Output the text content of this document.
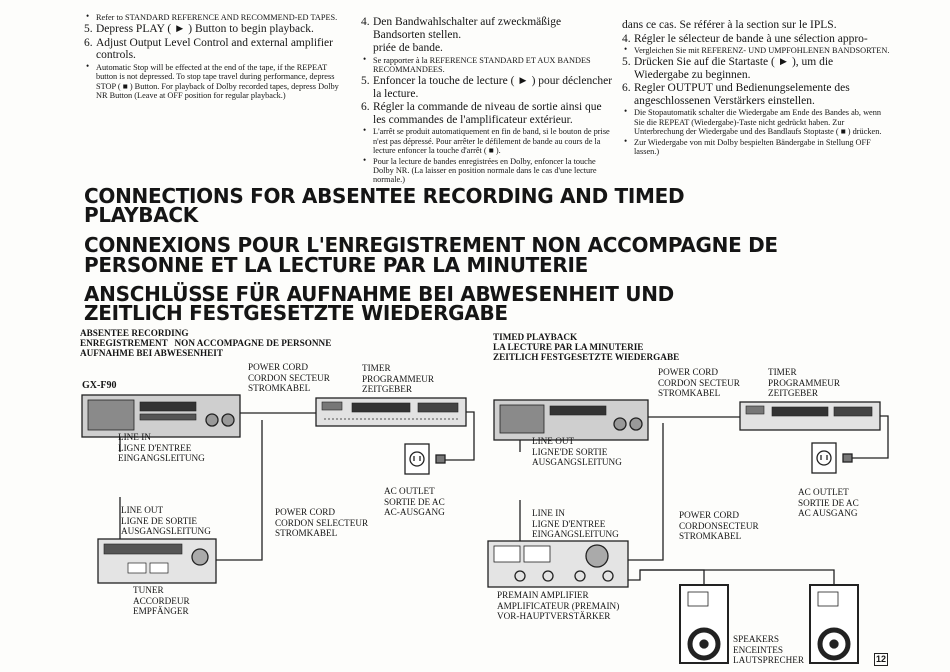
• Refer to STANDARD REFERENCE AND RECOMMEND-ED TAPES.

5. Depress PLAY ( ► ) Button to begin playback.

6. Adjust Output Level Control and external amplifier controls.

• Automatic Stop will be effected at the end of the tape, if the REPEAT button is not depressed. To stop tape travel during performance, depress STOP ( ■ ) Button. For playback of Dolby recorded tapes, depress Dolby NR Button (Leave at OFF position for regular playback.)

4. Den Bandwahlschalter auf zweckmäßige Bandsorten stellen.

priée de bande.

• Se rapporter à la REFERENCE STANDARD ET AUX BANDES RECOMMANDEES.

5. Enfoncer la touche de lecture ( ► ) pour déclencher la lecture.

6. Régler la commande de niveau de sortie ainsi que les commandes de l'amplificateur extérieur.

• L'arrêt se produit automatiquement en fin de band, si le bouton de prise n'est pas dépressé. Pour arrêter le défilement de bande au cours de la lecture enfoncer la touche d'arrêt ( ■ ).

• Pour la lecture de bandes enregistrées en Dolby, enfoncer la touche Dolby NR. (La laisser en position normale dans le cas d'une lecture normale.)

dans ce cas. Se référer à la section sur le IPLS.

4. Régler le sélecteur de bande à une sélection appro-

• Vergleichen Sie mit REFERENZ- UND UMPFOHLENEN BANDSORTEN.

5. Drücken Sie auf die Startaste ( ► ), um die Wiedergabe zu beginnen.

6. Regler OUTPUT und Bedienungselemente des angeschlossenen Verstärkers einstellen.

• Die Stopautomatik schalter die Wiedergabe am Ende des Bandes ab, wenn Sie die REPEAT (Wiedergabe)-Taste nicht gedrückt haben. Zur Unterbrechung der Wiedergabe und des Bandlaufs Stoptaste ( ■ ) drücken.

• Zur Wiedergabe von mit Dolby bespielten Bändergabe in Stellung OFF lassen.)

CONNECTIONS FOR ABSENTEE RECORDING AND TIMED
PLAYBACK
CONNEXIONS POUR L'ENREGISTREMENT NON ACCOMPAGNE DE
PERSONNE ET LA LECTURE PAR LA MINUTERIE
ANSCHLÜSSE FÜR AUFNAHME BEI ABWESENHEIT UND
ZEITLICH FESTGESETZTE WIEDERGABE
ABSENTEE RECORDING
ENREGISTREMENT   NON ACCOMPAGNE DE PERSONNE
AUFNAHME BEI ABWESENHEIT
GX-F90
POWER CORD
CORDON SECTEUR
STROMKABEL
TIMER
PROGRAMMEUR
ZEITGEBER
LINE IN
LIGNE D'ENTREE
EINGANGSLEITUNG
LINE OUT
LIGNE DE SORTIE
AUSGANGSLEITUNG
POWER CORD
CORDON SELECTEUR
STROMKABEL
AC OUTLET
SORTIE DE AC
AC-AUSGANG
TUNER
ACCORDEUR
EMPFÄNGER
TIMED PLAYBACK
LA LECTURE PAR LA MINUTERIE
ZEITLICH FESTGESETZTE WIEDERGABE
POWER CORD
CORDON SECTEUR
STROMKABEL
TIMER
PROGRAMMEUR
ZEITGEBER
LINE OUT
LIGNE'DE SORTIE
AUSGANGSLEITUNG
AC OUTLET
SORTIE DE AC
AC AUSGANG
LINE IN
LIGNE D'ENTREE
EINGANGSLEITUNG
POWER CORD
CORDONSECTEUR
STROMKABEL
PREMAIN AMPLIFIER
AMPLIFICATEUR (PREMAIN)
VOR-HAUPTVERSTÄRKER
SPEAKERS
ENCEINTES
LAUTSPRECHER	12
